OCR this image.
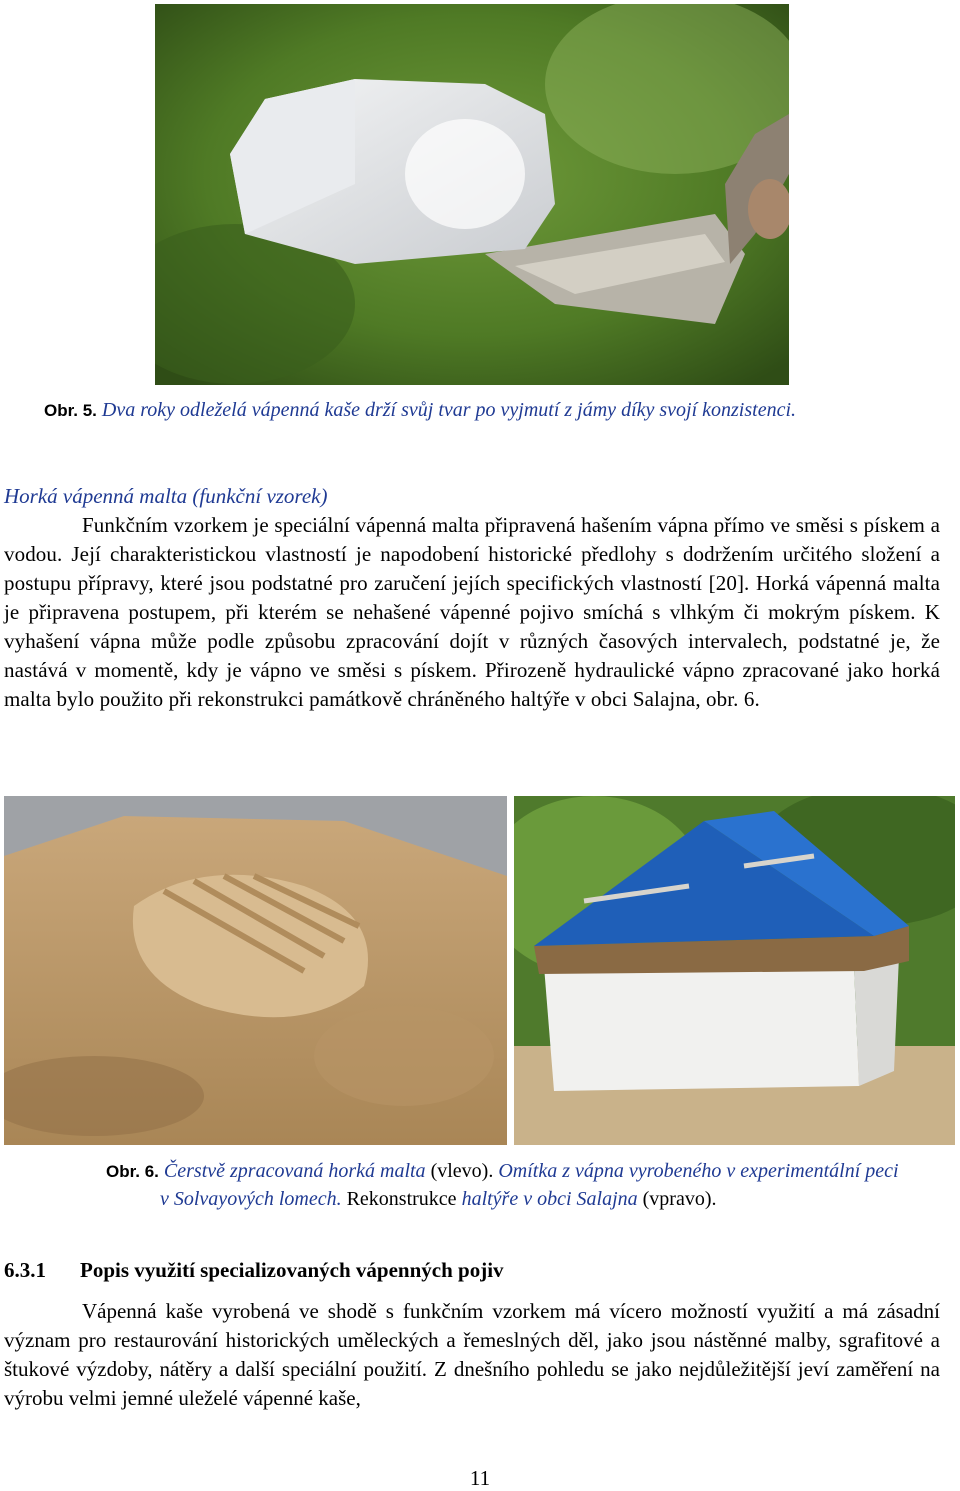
Obr. 5. Dva roky odleželá vápenná kaše drží svůj tvar po vyjmutí z jámy díky svojí konzistenci.
Horká vápenná malta (funkční vzorek)

Funkčním vzorkem je speciální vápenná malta připravená hašením vápna přímo ve směsi s pískem a vodou. Její charakteristickou vlastností je napodobení historické předlohy s dodržením určitého složení a postupu přípravy, které jsou podstatné pro zaručení jejích specifických vlastností [20]. Horká vápenná malta je připravena postupem, při kterém se nehašené vápenné pojivo smíchá s vlhkým či mokrým pískem. K vyhašení vápna může podle způsobu zpracování dojít v různých časových intervalech, podstatné je, že nastává v momentě, kdy je vápno ve směsi s pískem. Přirozeně hydraulické vápno zpracované jako horká malta bylo použito při rekonstrukci památkově chráněného haltýře v obci Salajna, obr. 6.

Obr. 6. Čerstvě zpracovaná horká malta (vlevo). Omítka z vápna vyrobeného v experimentální peci
v Solvayových lomech. Rekonstrukce haltýře v obci Salajna (vpravo).
6.3.1 Popis využití specializovaných vápenných pojiv

Vápenná kaše vyrobená ve shodě s funkčním vzorkem má vícero možností využití a má zásadní význam pro restaurování historických uměleckých a řemeslných děl, jako jsou nástěnné malby, sgrafitové a štukové výzdoby, nátěry a další speciální použití. Z dnešního pohledu se jako nejdůležitější jeví zaměření na výrobu velmi jemné uleželé vápenné kaše,

11
